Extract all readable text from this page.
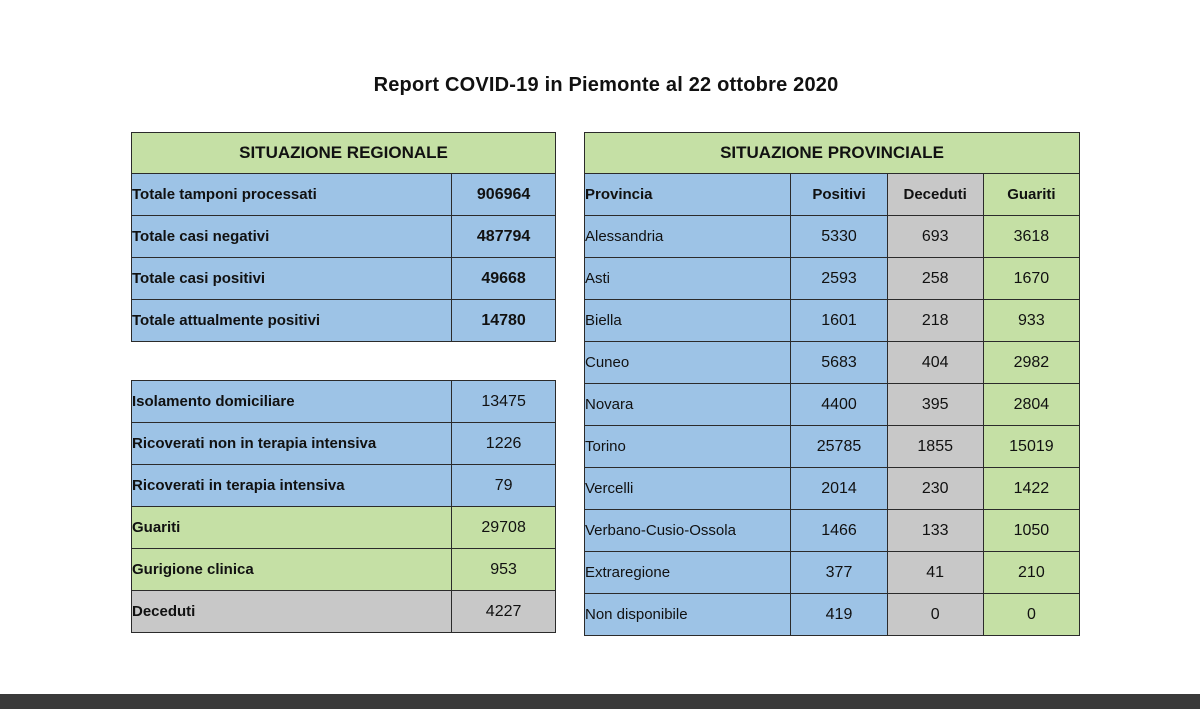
Report COVID-19 in Piemonte al 22 ottobre 2020
SITUAZIONE REGIONALE	
Totale tamponi processati	906964
Totale casi negativi	487794
Totale casi positivi	49668
Totale attualmente positivi	14780
Isolamento domiciliare	13475
Ricoverati non in terapia intensiva	1226
Ricoverati in terapia intensiva	79
Guariti	29708
Gurigione clinica	953
Deceduti	4227
SITUAZIONE PROVINCIALE			
Provincia	Positivi	Deceduti	Guariti
Alessandria	5330	693	3618
Asti	2593	258	1670
Biella	1601	218	933
Cuneo	5683	404	2982
Novara	4400	395	2804
Torino	25785	1855	15019
Vercelli	2014	230	1422
Verbano-Cusio-Ossola	1466	133	1050
Extraregione	377	41	210
Non disponibile	419	0	0
